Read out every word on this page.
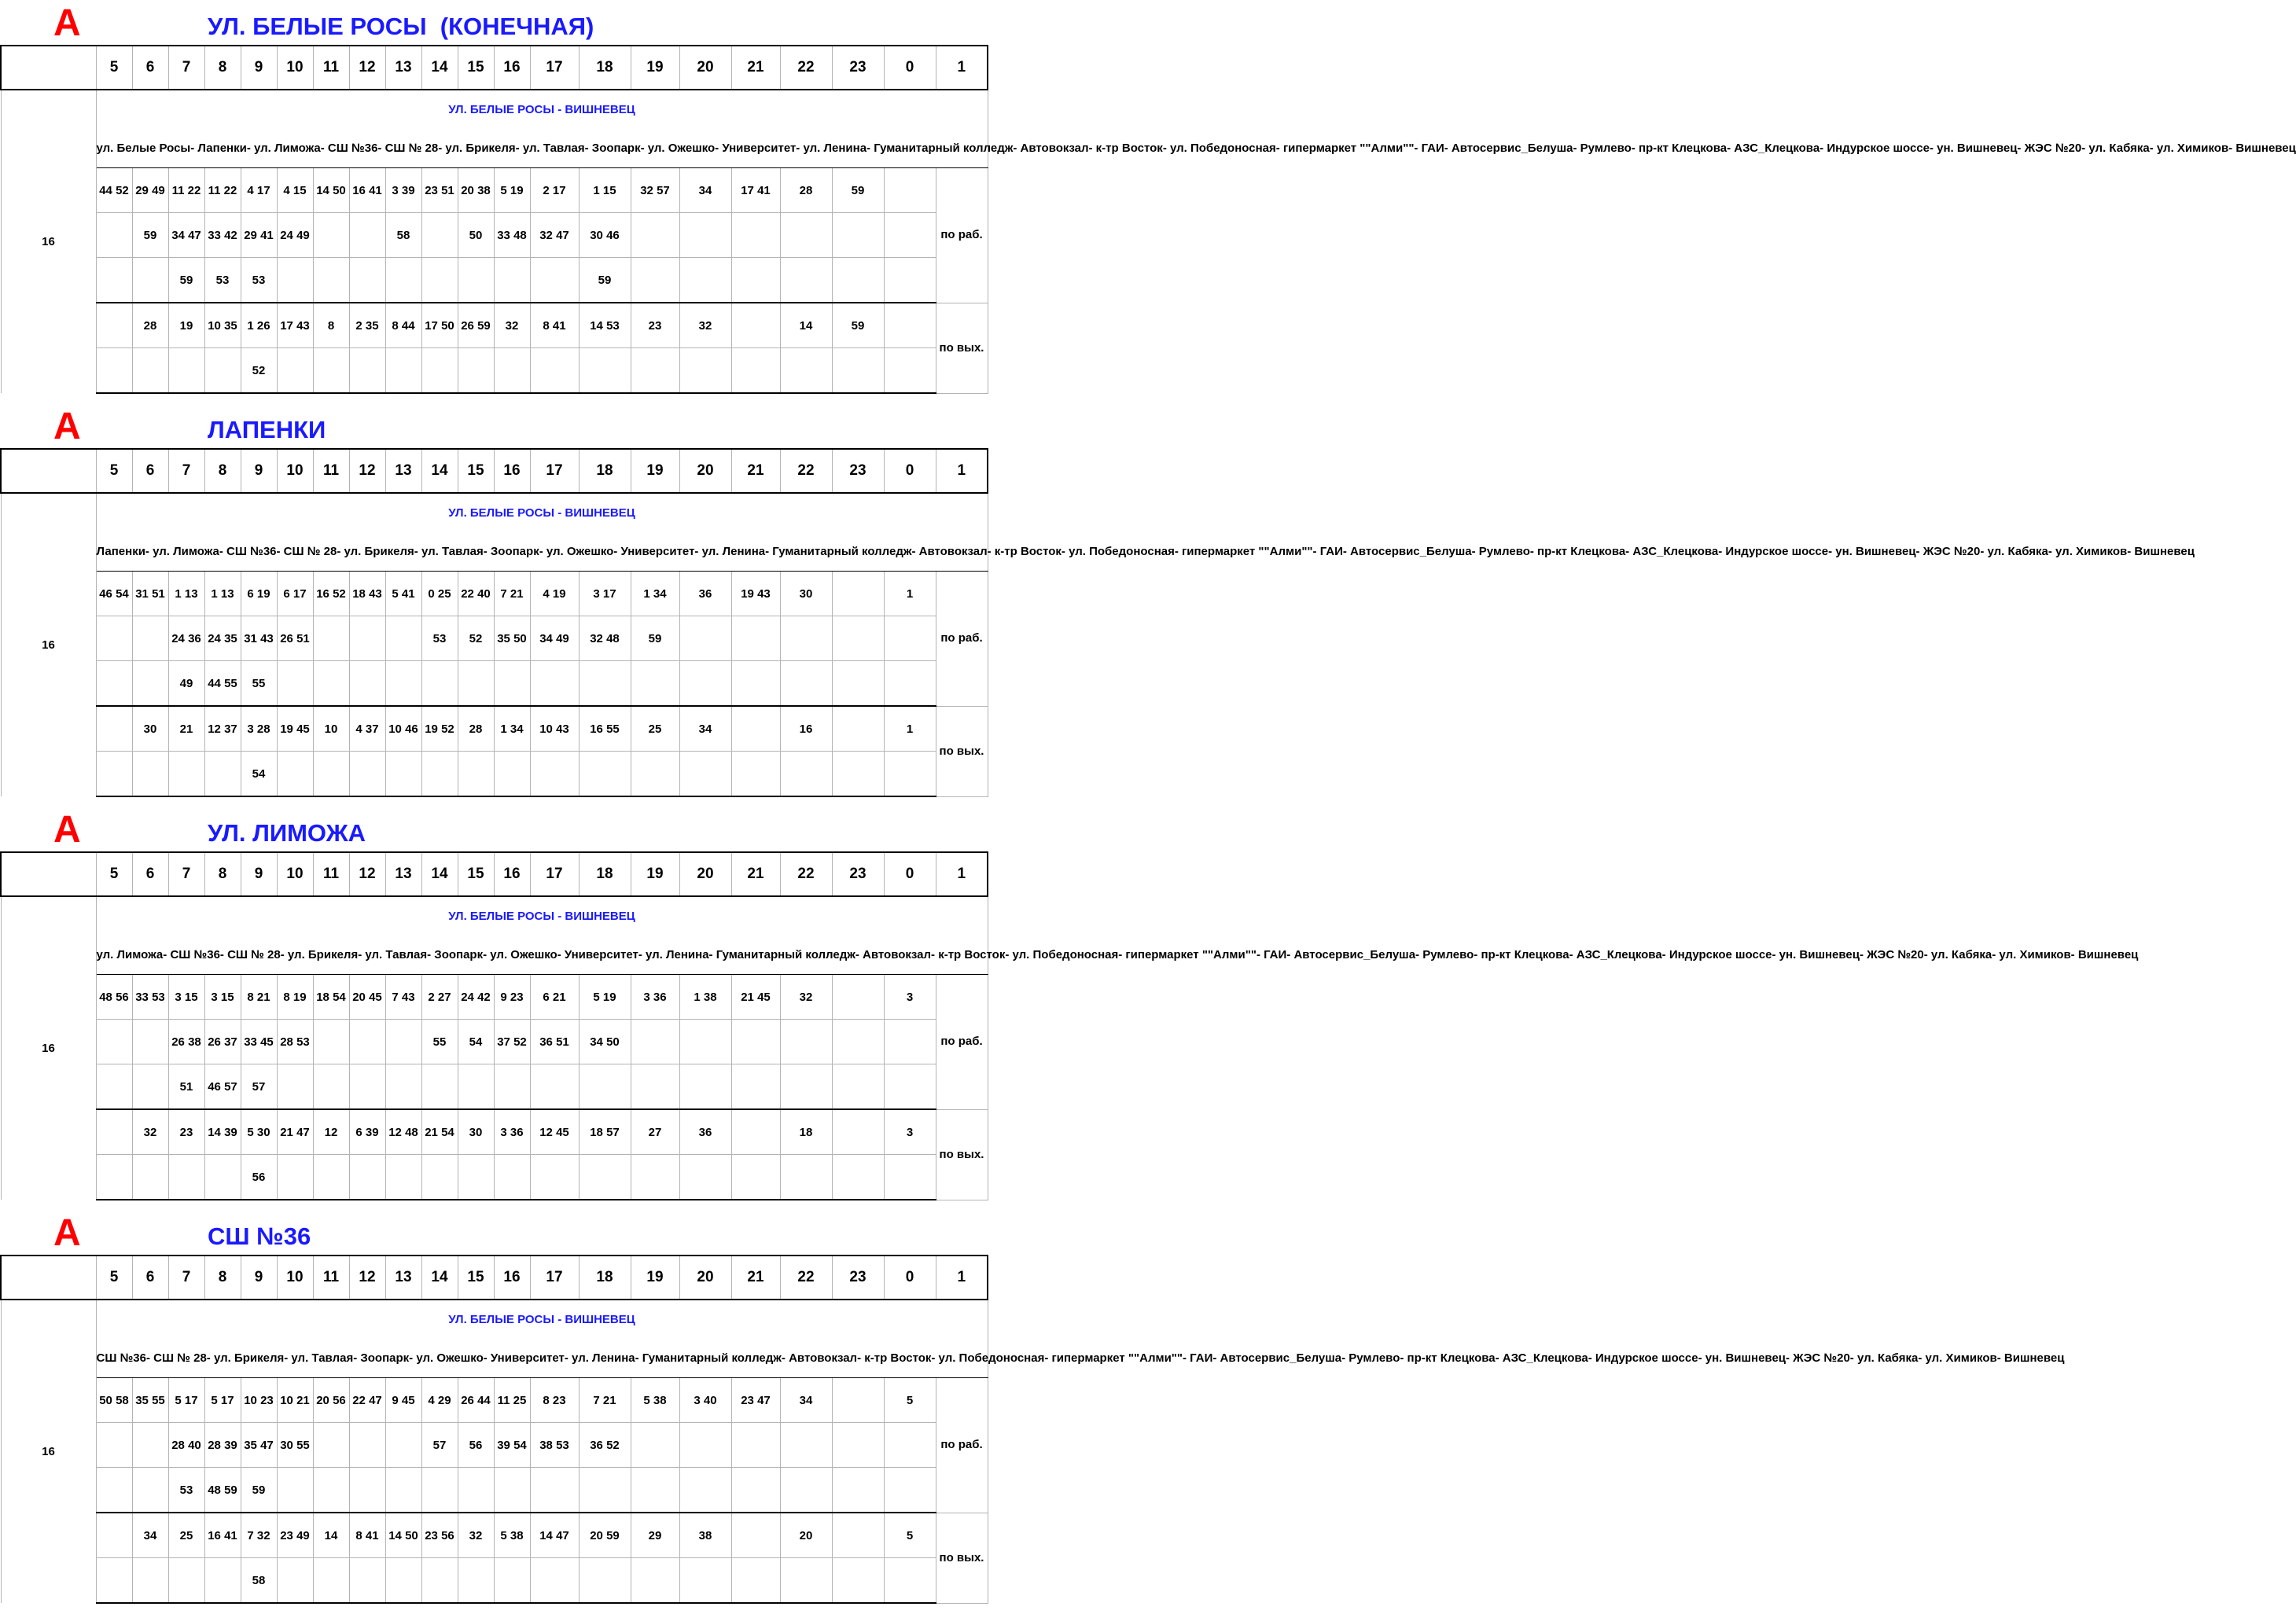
A	УЛ. БЕЛЫЕ РОСЫ  (КОНЕЧНАЯ)
	5	6	7	8	9	10	11	12	13	14	15	16	17	18	19	20	21	22	23	0	1
16	УЛ. БЕЛЫЕ РОСЫ - ВИШНЕВЕЦ																				
	ул. Белые Росы- Лапенки- ул. Лиможа- СШ №36- СШ № 28- ул. Брикеля- ул. Тавлая- Зоопарк- ул. Ожешко- Университет- ул. Ленина- Гуманитарный колледж- Автовокзал- к-тр Восток- ул. Победоносная- гипермаркет ""Алми""- ГАИ- Автосервис_Белуша- Румлево- пр-кт Клецкова- АЗС_Клецкова- Индурское шоссе- ун. Вишневец- ЖЭС №20- ул. Кабяка- ул. Химиков- Вишневец																				
	44 52	29 49	11 22	11 22	4 17	4 15	14 50	16 41	3 39	23 51	20 38	5 19	2 17	1 15	32 57	34	17 41	28	59		по раб.
		59	34 47	33 42	29 41	24 49			58		50	33 48	32 47	30 46							
			59	53	53									59							
		28	19	10 35	1 26	17 43	8	2 35	8 44	17 50	26 59	32	8 41	14 53	23	32		14	59		по вых.
					52																
A	ЛАПЕНКИ
	5	6	7	8	9	10	11	12	13	14	15	16	17	18	19	20	21	22	23	0	1
16	УЛ. БЕЛЫЕ РОСЫ - ВИШНЕВЕЦ																				
	Лапенки- ул. Лиможа- СШ №36- СШ № 28- ул. Брикеля- ул. Тавлая- Зоопарк- ул. Ожешко- Университет- ул. Ленина- Гуманитарный колледж- Автовокзал- к-тр Восток- ул. Победоносная- гипермаркет ""Алми""- ГАИ- Автосервис_Белуша- Румлево- пр-кт Клецкова- АЗС_Клецкова- Индурское шоссе- ун. Вишневец- ЖЭС №20- ул. Кабяка- ул. Химиков- Вишневец																				
	46 54	31 51	1 13	1 13	6 19	6 17	16 52	18 43	5 41	0 25	22 40	7 21	4 19	3 17	1 34	36	19 43	30		1	по раб.
			24 36	24 35	31 43	26 51				53	52	35 50	34 49	32 48	59						
			49	44 55	55																
		30	21	12 37	3 28	19 45	10	4 37	10 46	19 52	28	1 34	10 43	16 55	25	34		16		1	по вых.
					54																
A	УЛ. ЛИМОЖА
	5	6	7	8	9	10	11	12	13	14	15	16	17	18	19	20	21	22	23	0	1
16	УЛ. БЕЛЫЕ РОСЫ - ВИШНЕВЕЦ																				
	ул. Лиможа- СШ №36- СШ № 28- ул. Брикеля- ул. Тавлая- Зоопарк- ул. Ожешко- Университет- ул. Ленина- Гуманитарный колледж- Автовокзал- к-тр Восток- ул. Победоносная- гипермаркет ""Алми""- ГАИ- Автосервис_Белуша- Румлево- пр-кт Клецкова- АЗС_Клецкова- Индурское шоссе- ун. Вишневец- ЖЭС №20- ул. Кабяка- ул. Химиков- Вишневец																				
	48 56	33 53	3 15	3 15	8 21	8 19	18 54	20 45	7 43	2 27	24 42	9 23	6 21	5 19	3 36	1 38	21 45	32		3	по раб.
			26 38	26 37	33 45	28 53				55	54	37 52	36 51	34 50							
			51	46 57	57																
		32	23	14 39	5 30	21 47	12	6 39	12 48	21 54	30	3 36	12 45	18 57	27	36		18		3	по вых.
					56																
A	СШ №36
	5	6	7	8	9	10	11	12	13	14	15	16	17	18	19	20	21	22	23	0	1
16	УЛ. БЕЛЫЕ РОСЫ - ВИШНЕВЕЦ																				
	СШ №36- СШ № 28- ул. Брикеля- ул. Тавлая- Зоопарк- ул. Ожешко- Университет- ул. Ленина- Гуманитарный колледж- Автовокзал- к-тр Восток- ул. Победоносная- гипермаркет ""Алми""- ГАИ- Автосервис_Белуша- Румлево- пр-кт Клецкова- АЗС_Клецкова- Индурское шоссе- ун. Вишневец- ЖЭС №20- ул. Кабяка- ул. Химиков- Вишневец																				
	50 58	35 55	5 17	5 17	10 23	10 21	20 56	22 47	9 45	4 29	26 44	11 25	8 23	7 21	5 38	3 40	23 47	34		5	по раб.
			28 40	28 39	35 47	30 55				57	56	39 54	38 53	36 52							
			53	48 59	59																
		34	25	16 41	7 32	23 49	14	8 41	14 50	23 56	32	5 38	14 47	20 59	29	38		20		5	по вых.
					58																
